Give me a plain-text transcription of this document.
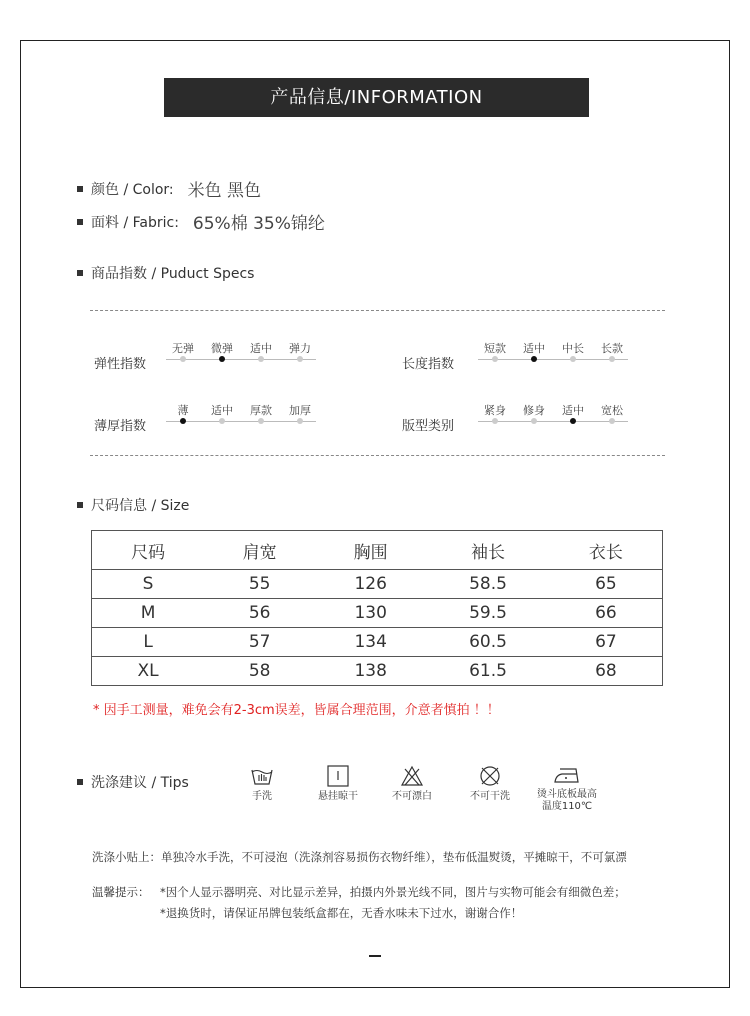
产品信息/INFORMATION
颜色 / Color: 米色 黑色
面料 / Fabric: 65%棉 35%锦纶
商品指数 / Puduct Specs
弹性指数
无弹 微弹 适中 弹力
长度指数
短款 适中 中长 长款
薄厚指数
薄 适中 厚款 加厚
版型类别
紧身 修身 适中 宽松
尺码信息 / Size
尺码	肩宽	胸围	袖长	衣长
S	55	126	58.5	65
M	56	130	59.5	66
L	57	134	60.5	67
XL	58	138	61.5	68
* 因手工测量，难免会有2-3cm误差，皆属合理范围，介意者慎拍 ！！
洗涤建议 / Tips
手洗	悬挂晾干	不可漂白	不可干洗	烫斗底板最高
温度110℃
洗涤小贴上：单独冷水手洗，不可浸泡（洗涤剂容易损伤衣物纤维），垫布低温熨烫，平摊晾干，不可氯漂
温馨提示： *因个人显示器明亮、对比显示差异，拍摄内外景光线不同，图片与实物可能会有细微色差；
*退换货时，请保证吊牌包装纸盒都在，无香水味未下过水，谢谢合作！
